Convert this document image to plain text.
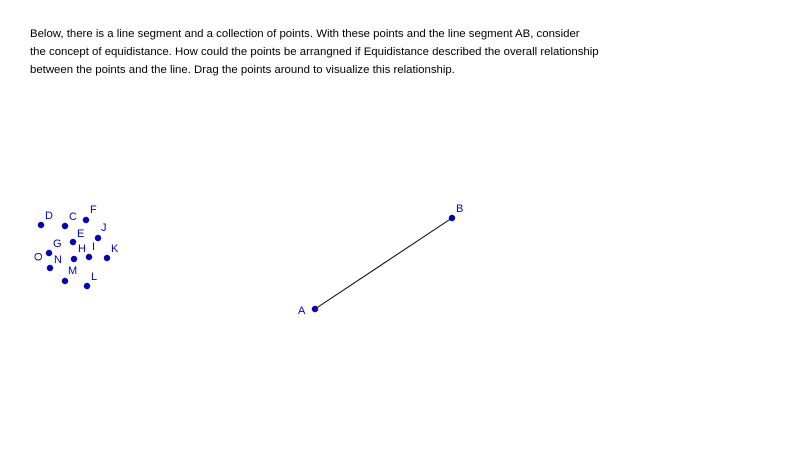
Below, there is a line segment and a collection of points. With these points and the line segment AB, consider

the concept of equidistance. How could the points be arrangned if Equidistance described the overall relationship

between the points and the line. Drag the points around to visualize this relationship.

A
B
D C
F
E J
G H I K
N
O
M L
